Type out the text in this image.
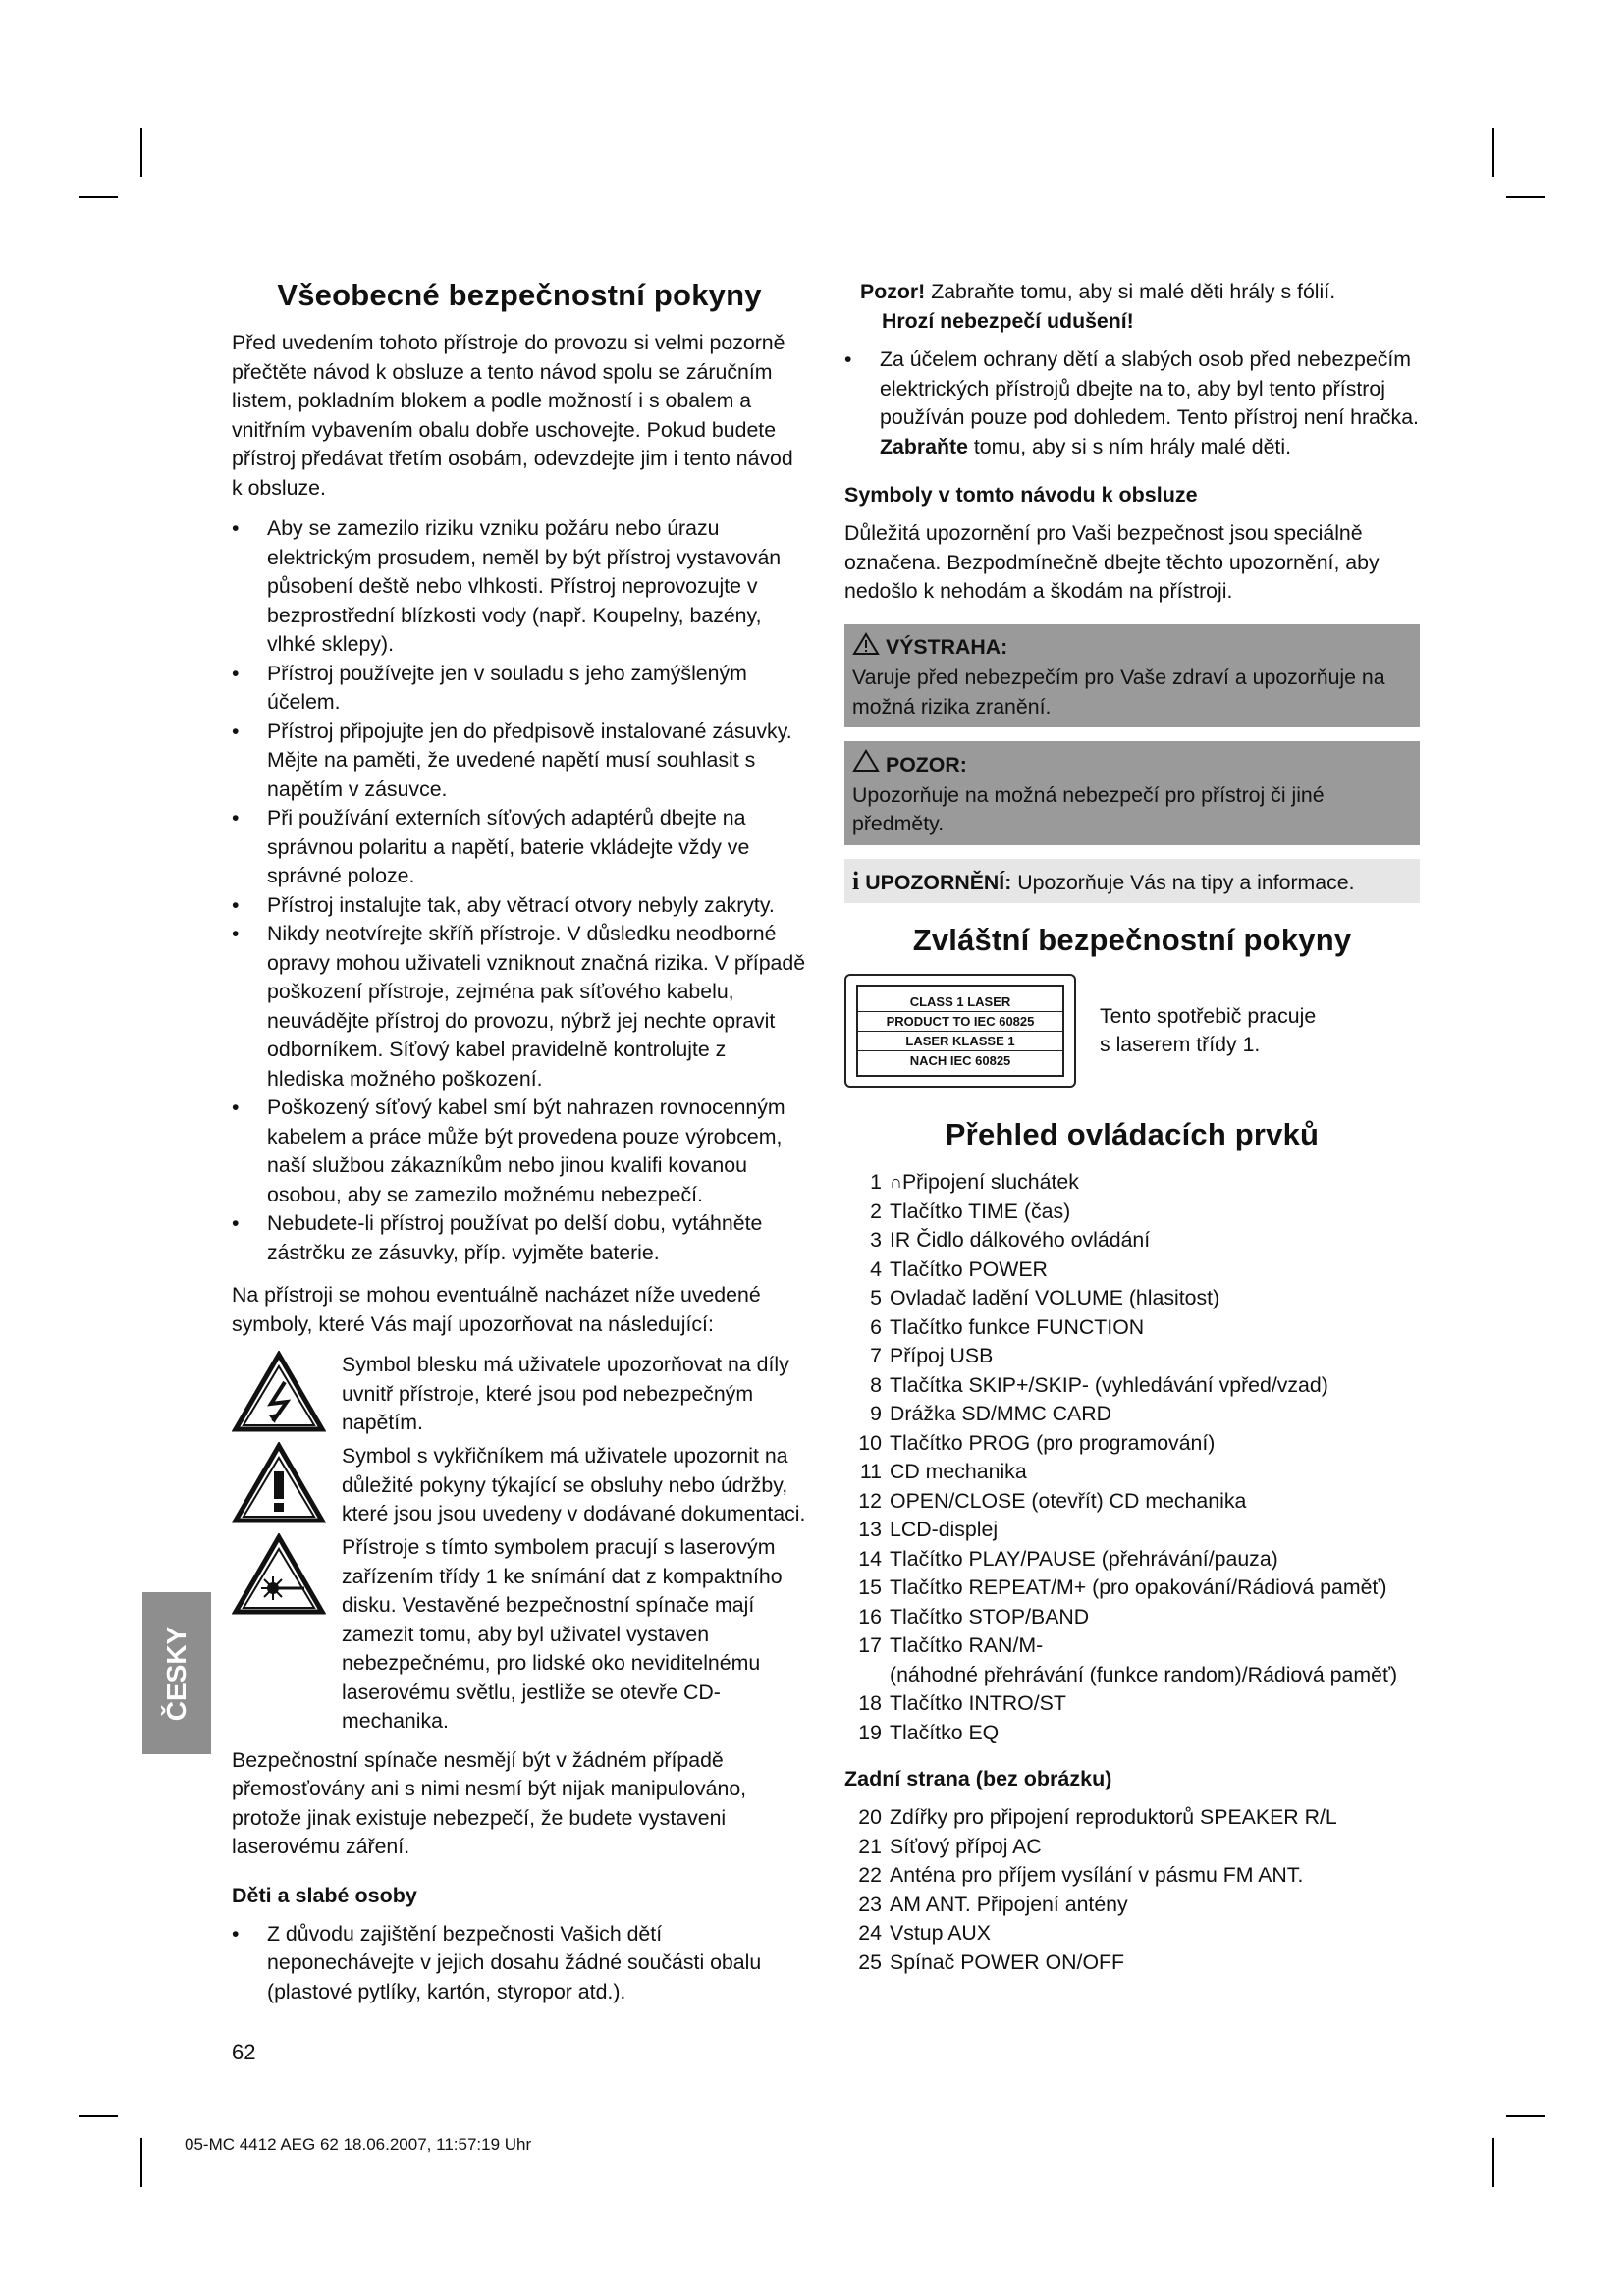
Všeobecné bezpečnostní pokyny

Před uvedením tohoto přístroje do provozu si velmi pozorně přečtěte návod k obsluze a tento návod spolu se záručním listem, pokladním blokem a podle možností i s obalem a vnitřním vybavením obalu dobře uschovejte. Pokud budete přístroj předávat třetím osobám, odevzdejte jim i tento návod k obsluze.

• Aby se zamezilo riziku vzniku požáru nebo úrazu elektrickým prosudem, neměl by být přístroj vystavován působení deště nebo vlhkosti. Přístroj neprovozujte v bezprostřední blízkosti vody (např. Koupelny, bazény, vlhké sklepy).
• Přístroj používejte jen v souladu s jeho zamýšleným účelem.
• Přístroj připojujte jen do předpisově instalované zásuvky. Mějte na paměti, že uvedené napětí musí souhlasit s napětím v zásuvce.
• Při používání externích síťových adaptérů dbejte na správnou polaritu a napětí, baterie vkládejte vždy ve správné poloze.
• Přístroj instalujte tak, aby větrací otvory nebyly zakryty.
• Nikdy neotvírejte skříň přístroje. V důsledku neodborné opravy mohou uživateli vzniknout značná rizika. V případě poškození přístroje, zejména pak síťového kabelu, neuvádějte přístroj do provozu, nýbrž jej nechte opravit odborníkem. Síťový kabel pravidelně kontrolujte z hlediska možného poškození.
• Poškozený síťový kabel smí být nahrazen rovnocenným kabelem a práce může být provedena pouze výrobcem, naší službou zákazníkům nebo jinou kvalifi kovanou osobou, aby se zamezilo možnému nebezpečí.
• Nebudete-li přístroj používat po delší dobu, vytáhněte zástrčku ze zásuvky, příp. vyjměte baterie.

Na přístroji se mohou eventuálně nacházet níže uvedené symboly, které Vás mají upozorňovat na následující:

Symbol blesku má uživatele upozorňovat na díly uvnitř přístroje, které jsou pod nebezpečným napětím.
Symbol s vykřičníkem má uživatele upozornit na důležité pokyny týkající se obsluhy nebo údržby, které jsou jsou uvedeny v dodávané dokumentaci.
Přístroje s tímto symbolem pracují s laserovým zařízením třídy 1 ke snímání dat z kompaktního disku. Vestavěné bezpečnostní spínače mají zamezit tomu, aby byl uživatel vystaven nebezpečnému, pro lidské oko neviditelnému laserovému světlu, jestliže se otevře CD-mechanika.

Bezpečnostní spínače nesmějí být v žádném případě přemosťovány ani s nimi nesmí být nijak manipulováno, protože jinak existuje nebezpečí, že budete vystaveni laserovému záření.

Děti a slabé osoby
• Z důvodu zajištění bezpečnosti Vašich dětí neponechávejte v jejich dosahu žádné součásti obalu (plastové pytlíky, kartón, styropor atd.).

Pozor! Zabraňte tomu, aby si malé děti hrály s fólií.

Hrozí nebezpečí udušení!

• Za účelem ochrany dětí a slabých osob před nebezpečím elektrických přístrojů dbejte na to, aby byl tento přístroj používán pouze pod dohledem. Tento přístroj není hračka. Zabraňte tomu, aby si s ním hrály malé děti.
Symboly v tomto návodu k obsluze

Důležitá upozornění pro Vaši bezpečnost jsou speciálně označena. Bezpodmínečně dbejte těchto upozornění, aby nedošlo k nehodám a škodám na přístroji.

VÝSTRAHA:
Varuje před nebezpečím pro Vaše zdraví a upozorňuje na možná rizika zranění.
POZOR:
Upozorňuje na možná nebezpečí pro přístroj či jiné předměty.
i UPOZORNĚNÍ: Upozorňuje Vás na tipy a informace.
Zvláštní bezpečnostní pokyny
CLASS 1 LASER
PRODUCT TO IEC 60825
LASER KLASSE 1
NACH IEC 60825
Tento spotřebič pracuje
s laserem třídy 1.
Přehled ovládacích prvků
1 ∩ Připojení sluchátek
2 Tlačítko TIME (čas)
3 IR Čidlo dálkového ovládání
4 Tlačítko POWER
5 Ovladač ladění VOLUME (hlasitost)
6 Tlačítko funkce FUNCTION
7 Přípoj USB
8 Tlačítka SKIP+/SKIP- (vyhledávání vpřed/vzad)
9 Drážka SD/MMC CARD
10 Tlačítko PROG (pro programování)
11 CD mechanika
12 OPEN/CLOSE (otevřít) CD mechanika
13 LCD-displej
14 Tlačítko PLAY/PAUSE (přehrávání/pauza)
15 Tlačítko REPEAT/M+ (pro opakování/Rádiová paměť)
16 Tlačítko STOP/BAND
17 Tlačítko RAN/M-
(náhodné přehrávání (funkce random)/Rádiová paměť)
18 Tlačítko INTRO/ST
19 Tlačítko EQ
Zadní strana (bez obrázku)
20 Zdířky pro připojení reproduktorů SPEAKER R/L
21 Síťový přípoj AC
22 Anténa pro příjem vysílání v pásmu FM ANT.
23 AM ANT. Připojení antény
24 Vstup AUX
25 Spínač POWER ON/OFF
ČESKY
62
05-MC 4412 AEG 62 18.06.2007, 11:57:19 Uhr
